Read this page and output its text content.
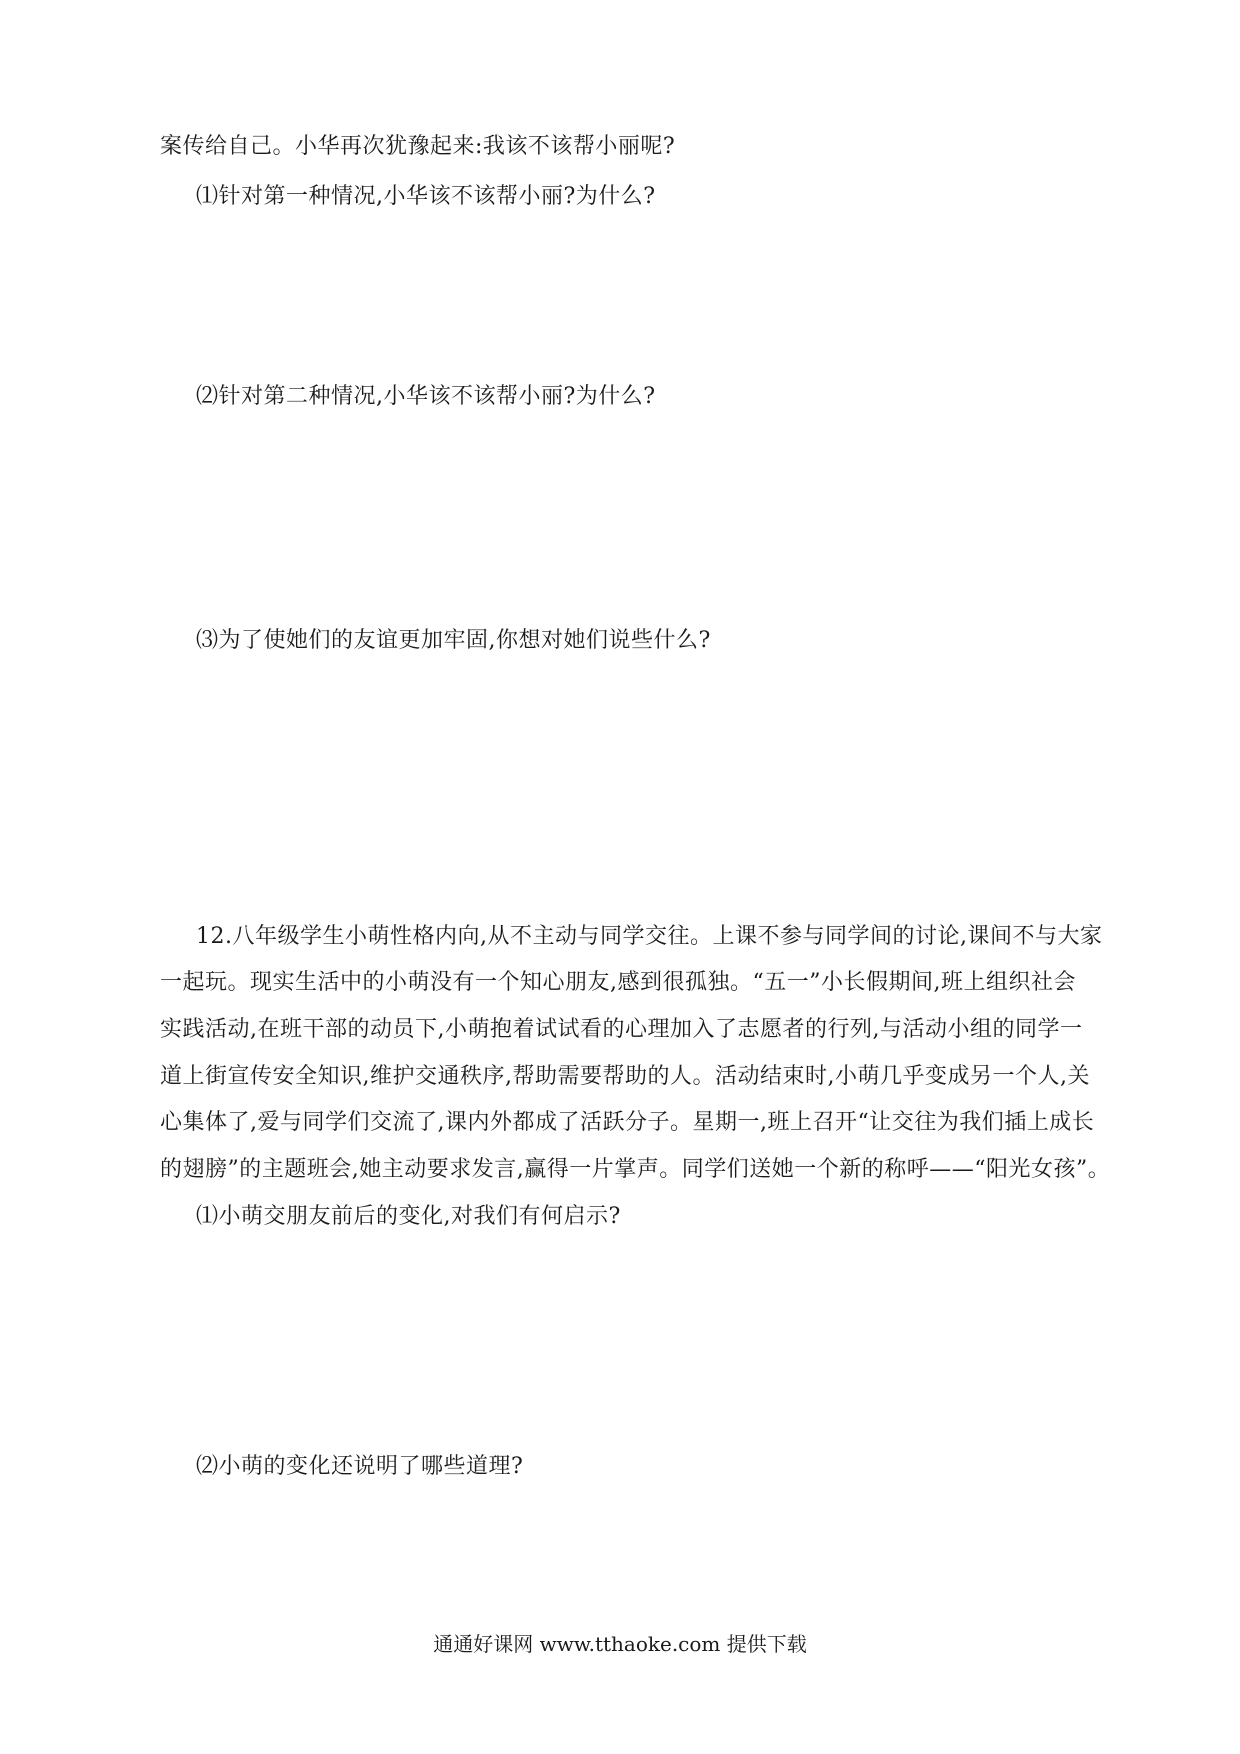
案传给自己。小华再次犹豫起来:我该不该帮小丽呢?
⑴针对第一种情况,小华该不该帮小丽?为什么?
⑵针对第二种情况,小华该不该帮小丽?为什么?
⑶为了使她们的友谊更加牢固,你想对她们说些什么?
12.八年级学生小萌性格内向,从不主动与同学交往。上课不参与同学间的讨论,课间不与大家
一起玩。现实生活中的小萌没有一个知心朋友,感到很孤独。“五一”小长假期间,班上组织社会
实践活动,在班干部的动员下,小萌抱着试试看的心理加入了志愿者的行列,与活动小组的同学一
道上街宣传安全知识,维护交通秩序,帮助需要帮助的人。活动结束时,小萌几乎变成另一个人,关
心集体了,爱与同学们交流了,课内外都成了活跃分子。星期一,班上召开“让交往为我们插上成长
的翅膀”的主题班会,她主动要求发言,赢得一片掌声。同学们送她一个新的称呼——“阳光女孩”。
⑴小萌交朋友前后的变化,对我们有何启示?
⑵小萌的变化还说明了哪些道理?
通通好课网 www.tthaoke.com 提供下载
